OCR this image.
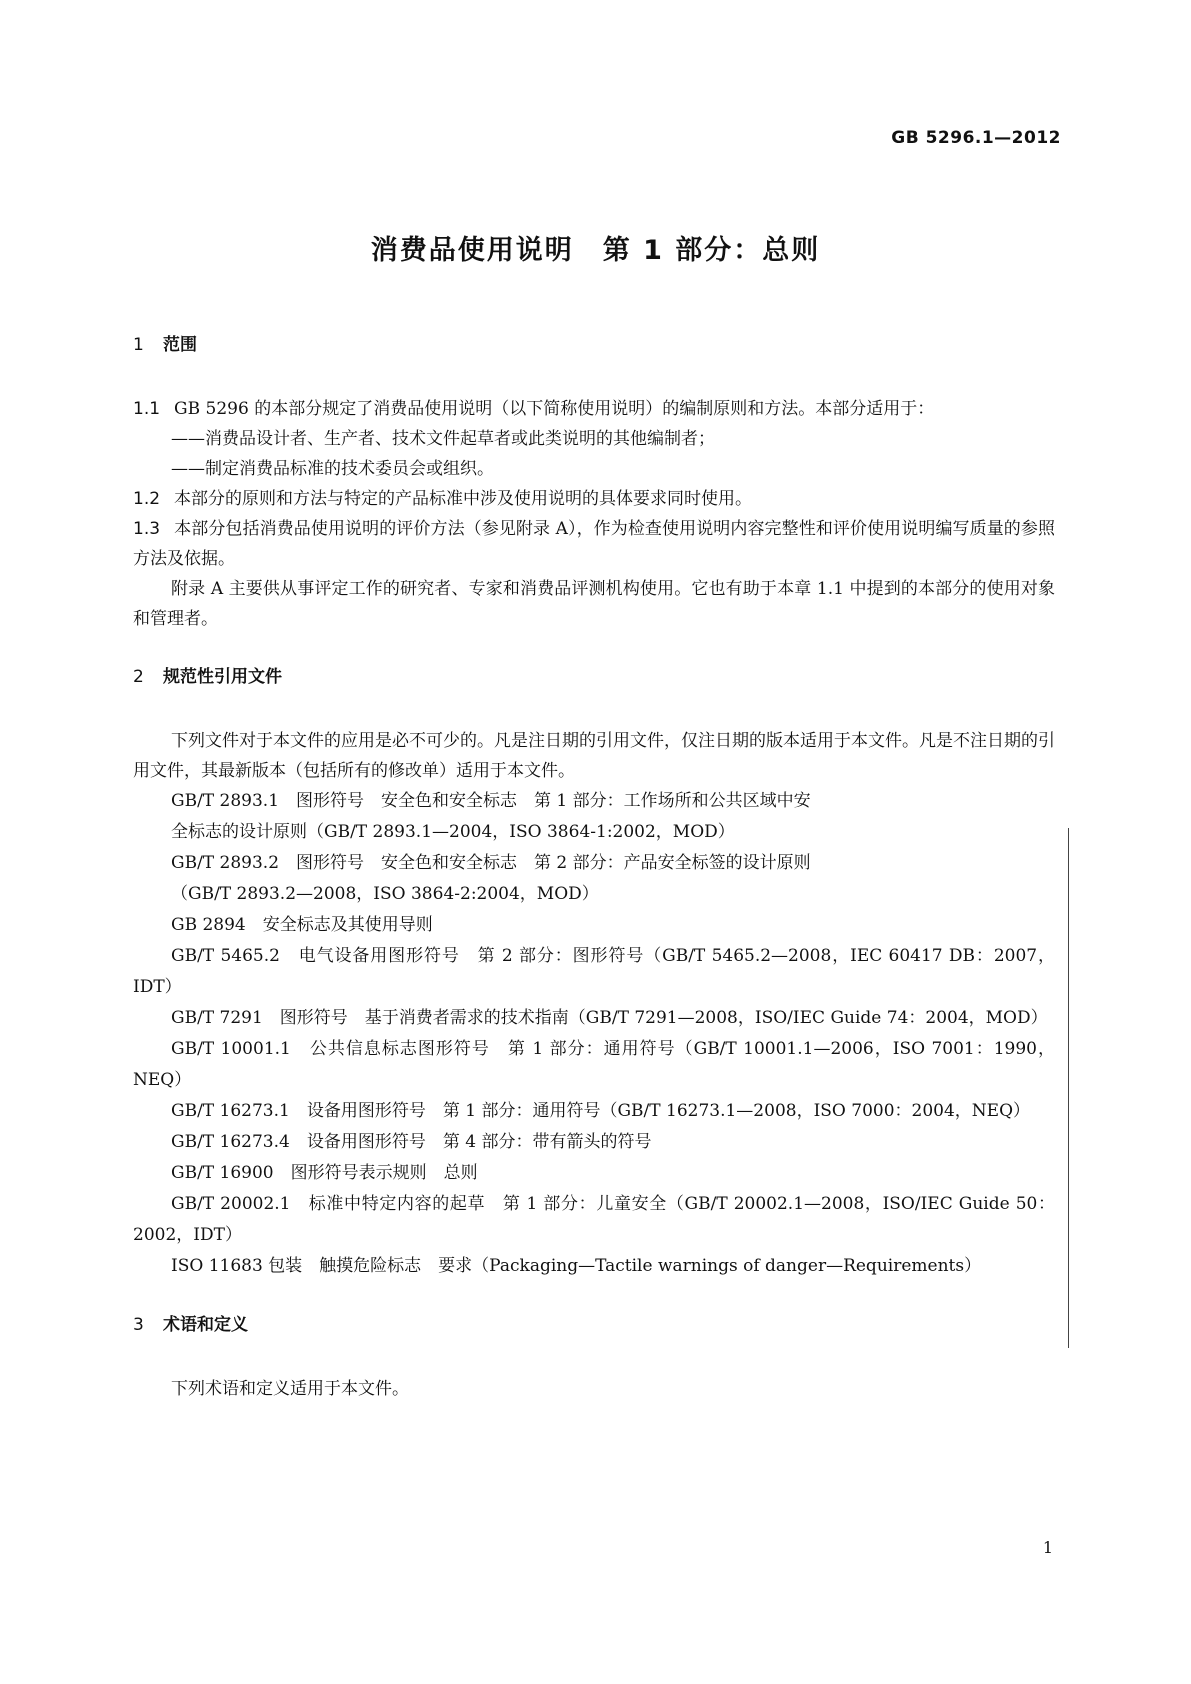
GB 5296.1—2012
消费品使用说明　第 1 部分：总则
1 范围
1.1 GB 5296 的本部分规定了消费品使用说明（以下简称使用说明）的编制原则和方法。本部分适用于：
——消费品设计者、生产者、技术文件起草者或此类说明的其他编制者；
——制定消费品标准的技术委员会或组织。
1.2 本部分的原则和方法与特定的产品标准中涉及使用说明的具体要求同时使用。
1.3 本部分包括消费品使用说明的评价方法（参见附录 A），作为检查使用说明内容完整性和评价使用说明编写质量的参照方法及依据。
附录 A 主要供从事评定工作的研究者、专家和消费品评测机构使用。它也有助于本章 1.1 中提到的本部分的使用对象和管理者。
2 规范性引用文件
下列文件对于本文件的应用是必不可少的。凡是注日期的引用文件，仅注日期的版本适用于本文件。凡是不注日期的引用文件，其最新版本（包括所有的修改单）适用于本文件。
GB/T 2893.1　图形符号　安全色和安全标志　第 1 部分：工作场所和公共区域中安
全标志的设计原则（GB/T 2893.1—2004，ISO 3864-1:2002，MOD）
GB/T 2893.2　图形符号　安全色和安全标志　第 2 部分：产品安全标签的设计原则
（GB/T 2893.2—2008，ISO 3864-2:2004，MOD）
GB 2894　安全标志及其使用导则
GB/T 5465.2　电气设备用图形符号　第 2 部分：图形符号（GB/T 5465.2—2008，IEC 60417 DB：2007，IDT）
GB/T 7291　图形符号　基于消费者需求的技术指南（GB/T 7291—2008，ISO/IEC Guide 74：2004，MOD）
GB/T 10001.1　公共信息标志图形符号　第 1 部分：通用符号（GB/T 10001.1—2006，ISO 7001：1990，NEQ）
GB/T 16273.1　设备用图形符号　第 1 部分：通用符号（GB/T 16273.1—2008，ISO 7000：2004，NEQ）
GB/T 16273.4　设备用图形符号　第 4 部分：带有箭头的符号
GB/T 16900　图形符号表示规则　总则
GB/T 20002.1　标准中特定内容的起草　第 1 部分：儿童安全（GB/T 20002.1—2008，ISO/IEC Guide 50：2002，IDT）
ISO 11683 包装　触摸危险标志　要求（Packaging—Tactile warnings of danger—Requirements）
3 术语和定义
下列术语和定义适用于本文件。
1
